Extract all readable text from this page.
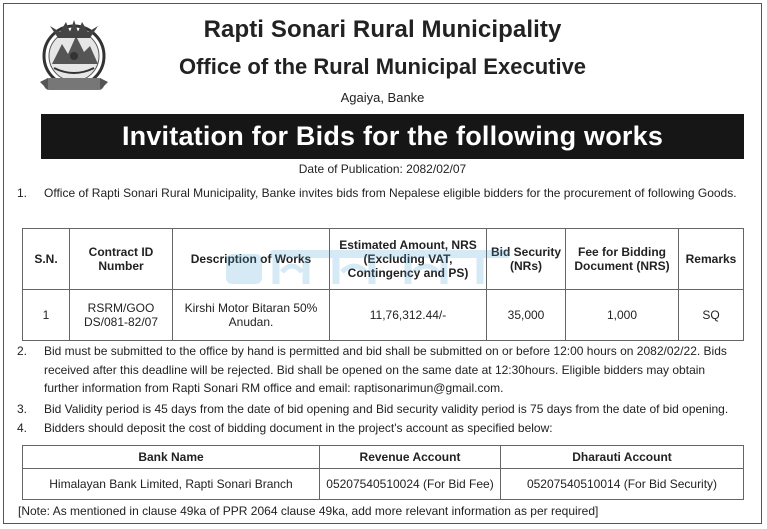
Rapti Sonari Rural Municipality
Office of the Rural Municipal Executive
Agaiya, Banke
Invitation for Bids for the following works
Date of Publication: 2082/02/07
1. Office of Rapti Sonari Rural Municipality, Banke invites bids from Nepalese eligible bidders for the procurement of following Goods.
S.N.	Contract ID Number	Description of Works	Estimated Amount, NRS (Excluding VAT, Contingency and PS)	Bid Security (NRs)	Fee for Bidding Document (NRS)	Remarks
1	RSRM/GOO DS/081-82/07	Kirshi Motor Bitaran 50% Anudan.	11,76,312.44/-	35,000	1,000	SQ
2. Bid must be submitted to the office by hand is permitted and bid shall be submitted on or before 12:00 hours on 2082/02/22. Bids received after this deadline will be rejected. Bid shall be opened on the same date at 12:30hours. Eligible bidders may obtain further information from Rapti Sonari RM office and email: raptisonarimun@gmail.com.
3. Bid Validity period is 45 days from the date of bid opening and Bid security validity period is 75 days from the date of bid opening.
4. Bidders should deposit the cost of bidding document in the project's account as specified below:
Bank Name	Revenue Account	Dharauti Account
Himalayan Bank Limited, Rapti Sonari Branch	05207540510024 (For Bid Fee)	05207540510014 (For Bid Security)
[Note: As mentioned in clause 49ka of PPR 2064 clause 49ka, add more relevant information as per required]
